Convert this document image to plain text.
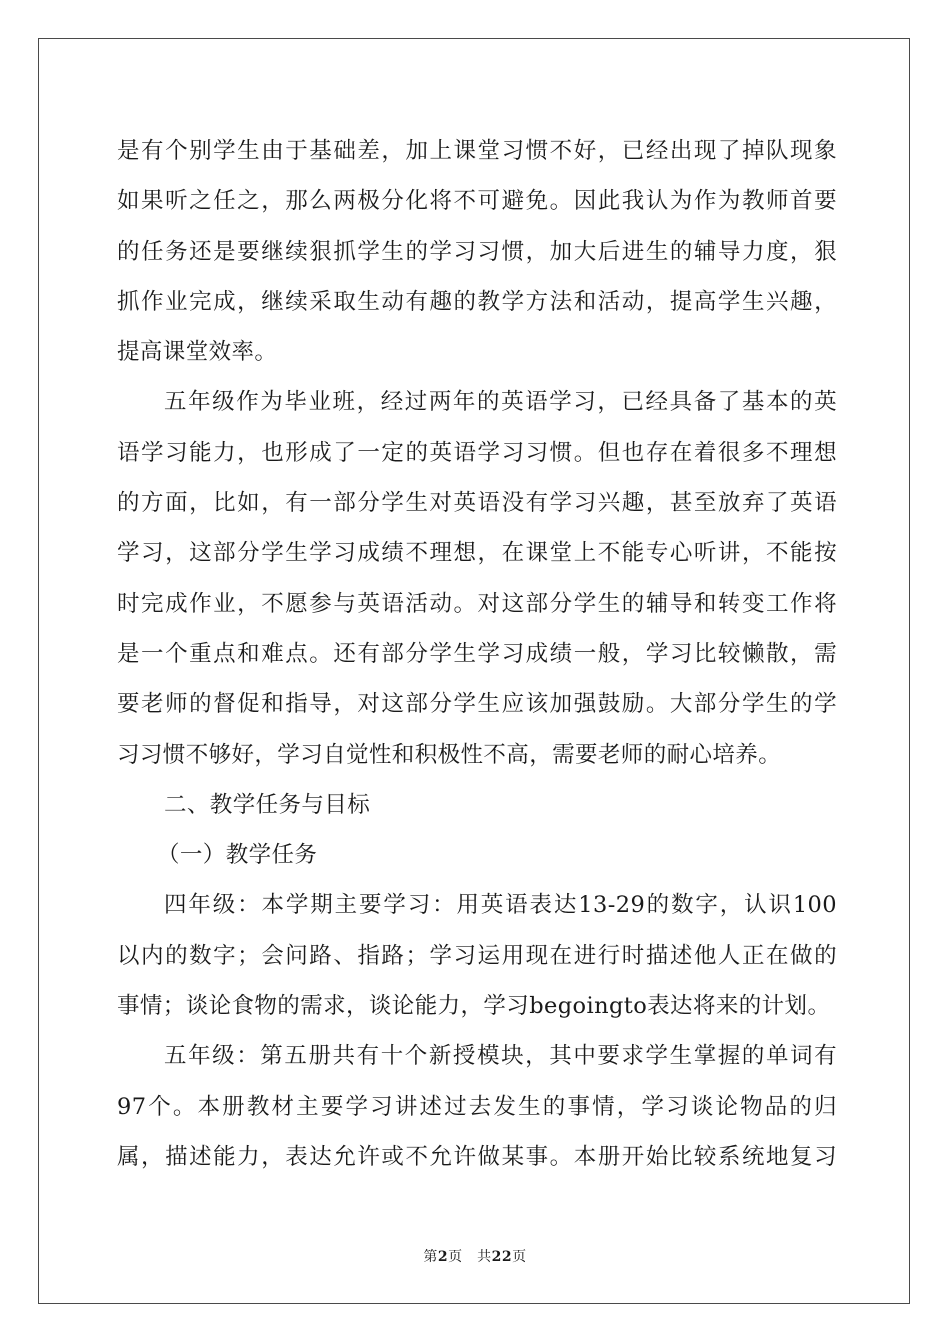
是有个别学生由于基础差，加上课堂习惯不好，已经出现了掉队现象
如果听之任之，那么两极分化将不可避免。因此我认为作为教师首要
的任务还是要继续狠抓学生的学习习惯，加大后进生的辅导力度，狠
抓作业完成，继续采取生动有趣的教学方法和活动，提高学生兴趣，
提高课堂效率。
五年级作为毕业班，经过两年的英语学习，已经具备了基本的英
语学习能力，也形成了一定的英语学习习惯。但也存在着很多不理想
的方面，比如，有一部分学生对英语没有学习兴趣，甚至放弃了英语
学习，这部分学生学习成绩不理想，在课堂上不能专心听讲，不能按
时完成作业，不愿参与英语活动。对这部分学生的辅导和转变工作将
是一个重点和难点。还有部分学生学习成绩一般，学习比较懒散，需
要老师的督促和指导，对这部分学生应该加强鼓励。大部分学生的学
习习惯不够好，学习自觉性和积极性不高，需要老师的耐心培养。
二、教学任务与目标
（一）教学任务
四年级：本学期主要学习：用英语表达13-29的数字，认识100
以内的数字；会问路、指路；学习运用现在进行时描述他人正在做的
事情；谈论食物的需求，谈论能力，学习begoingto表达将来的计划。
五年级：第五册共有十个新授模块，其中要求学生掌握的单词有
97个。本册教材主要学习讲述过去发生的事情，学习谈论物品的归
属，描述能力，表达允许或不允许做某事。本册开始比较系统地复习
第2页　共22页
